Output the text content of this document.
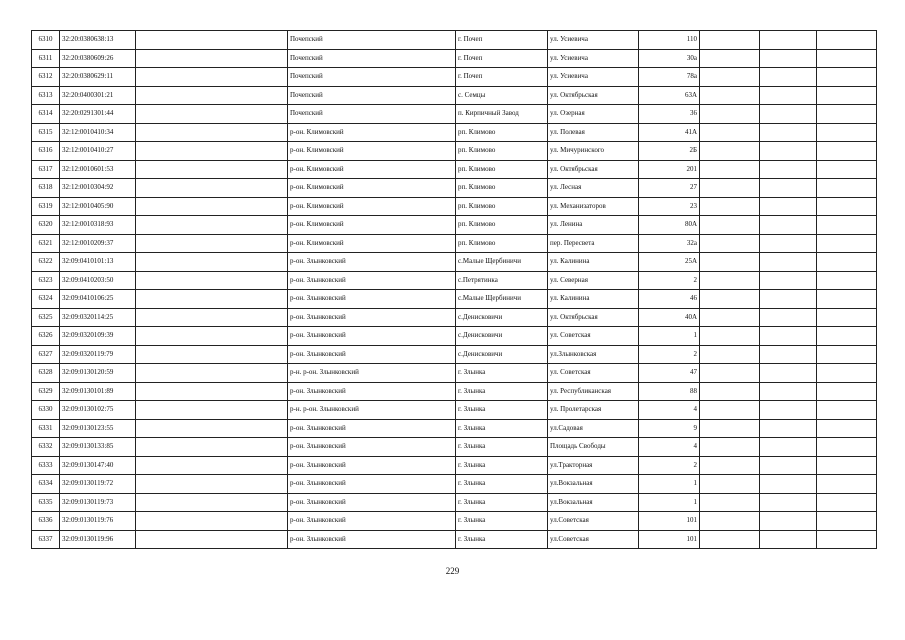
6310	32:20:0380638:13		Почепский	г. Почеп	ул. Усиевича	110			
6311	32:20:0380609:26		Почепский	г. Почеп	ул. Усиевича	30а			
6312	32:20:0380629:11		Почепский	г. Почеп	ул. Усиевича	78а			
6313	32:20:0400301:21		Почепский	с. Семцы	ул. Октябрьская	63А			
6314	32:20:0291301:44		Почепский	п. Кирпичный Завод	ул. Озерная	36			
6315	32:12:0010410:34		р-он. Климовский	рп. Климово	ул. Полевая	41А			
6316	32:12:0010410:27		р-он. Климовский	рп. Климово	ул. Мичуринского	2Б			
6317	32:12:0010601:53		р-он. Климовский	рп. Климово	ул. Октябрьская	201			
6318	32:12:0010304:92		р-он. Климовский	рп. Климово	ул. Лесная	27			
6319	32:12:0010405:90		р-он. Климовский	рп. Климово	ул. Механизаторов	23			
6320	32:12:0010318:93		р-он. Климовский	рп. Климово	ул. Ленина	80А			
6321	32:12:0010209:37		р-он. Климовский	рп. Климово	пер. Пересвета	32а			
6322	32:09:0410101:13		р-он. Злынковский	с.Малые Щербиничи	ул. Калинина	25А			
6323	32:09:0410203:50		р-он. Злынковский	с.Петрятинка	ул. Северная	2			
6324	32:09:0410106:25		р-он. Злынковский	с.Малые Щербиничи	ул. Калинина	46			
6325	32:09:0320114:25		р-он. Злынковский	с.Денисковичи	ул. Октябрьская	40А			
6326	32:09:0320109:39		р-он. Злынковский	с.Денисковичи	ул. Советская	1			
6327	32:09:0320119:79		р-он. Злынковский	с.Денисковичи	ул.Злынковская	2			
6328	32:09:0130120:59		р-н. р-он. Злынковский	г. Злынка	ул. Советская	47			
6329	32:09:0130101:89		р-он. Злынковский	г. Злынка	ул. Республиканская	88			
6330	32:09:0130102:75		р-н. р-он. Злынковский	г. Злынка	ул. Пролетарская	4			
6331	32:09:0130123:55		р-он. Злынковский	г. Злынка	ул.Садовая	9			
6332	32:09:0130133:85		р-он. Злынковский	г. Злынка	Площадь Свободы	4			
6333	32:09:0130147:40		р-он. Злынковский	г. Злынка	ул.Тракторная	2			
6334	32:09:0130119:72		р-он. Злынковский	г. Злынка	ул.Вокзальная	1			
6335	32:09:0130119:73		р-он. Злынковский	г. Злынка	ул.Вокзальная	1			
6336	32:09:0130119:76		р-он. Злынковский	г. Злынка	ул.Советская	101			
6337	32:09:0130119:96		р-он. Злынковский	г. Злынка	ул.Советская	101			
229
